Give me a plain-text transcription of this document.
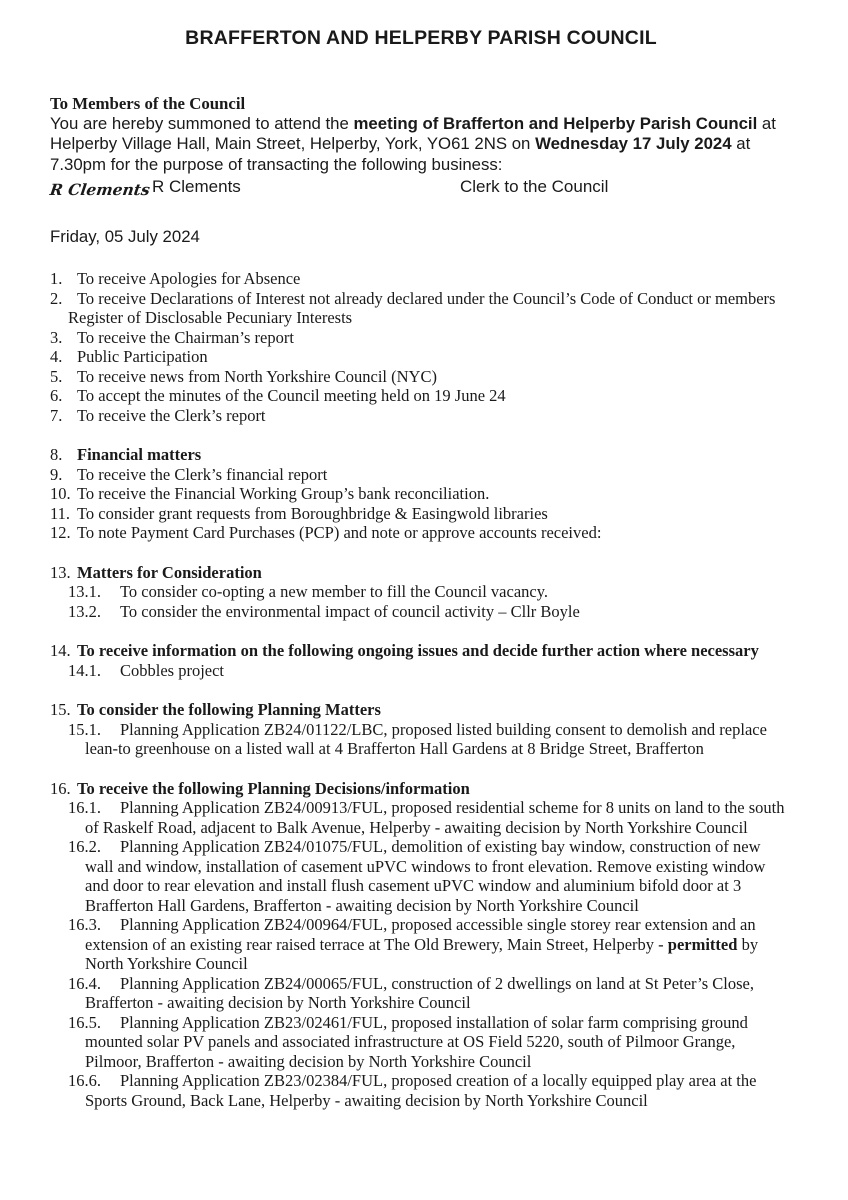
BRAFFERTON AND HELPERBY PARISH COUNCIL
To Members of the Council
You are hereby summoned to attend the meeting of Brafferton and Helperby Parish Council at Helperby Village Hall, Main Street, Helperby, York, YO61 2NS on Wednesday 17 July 2024 at 7.30pm for the purpose of transacting the following business:
R Clements R Clements	Clerk to the Council
Friday, 05 July 2024
1. To receive Apologies for Absence
2. To receive Declarations of Interest not already declared under the Council’s Code of Conduct or members Register of Disclosable Pecuniary Interests
3. To receive the Chairman’s report
4. Public Participation
5. To receive news from North Yorkshire Council (NYC)
6. To accept the minutes of the Council meeting held on 19 June 24
7. To receive the Clerk’s report
8. Financial matters
9. To receive the Clerk’s financial report
10. To receive the Financial Working Group’s bank reconciliation.
11. To consider grant requests from Boroughbridge & Easingwold libraries
12. To note Payment Card Purchases (PCP) and note or approve accounts received:
13. Matters for Consideration
13.1. To consider co-opting a new member to fill the Council vacancy.
13.2. To consider the environmental impact of council activity – Cllr Boyle
14. To receive information on the following ongoing issues and decide further action where necessary
14.1. Cobbles project
15. To consider the following Planning Matters
15.1. Planning Application ZB24/01122/LBC, proposed listed building consent to demolish and replace lean-to greenhouse on a listed wall at 4 Brafferton Hall Gardens at 8 Bridge Street, Brafferton
16. To receive the following Planning Decisions/information
16.1. Planning Application ZB24/00913/FUL, proposed residential scheme for 8 units on land to the south of Raskelf Road, adjacent to Balk Avenue, Helperby - awaiting decision by North Yorkshire Council
16.2. Planning Application ZB24/01075/FUL, demolition of existing bay window, construction of new wall and window, installation of casement uPVC windows to front elevation. Remove existing window and door to rear elevation and install flush casement uPVC window and aluminium bifold door at 3 Brafferton Hall Gardens, Brafferton - awaiting decision by North Yorkshire Council
16.3. Planning Application ZB24/00964/FUL, proposed accessible single storey rear extension and an extension of an existing rear raised terrace at The Old Brewery, Main Street, Helperby - permitted by North Yorkshire Council
16.4. Planning Application ZB24/00065/FUL, construction of 2 dwellings on land at St Peter’s Close, Brafferton - awaiting decision by North Yorkshire Council
16.5. Planning Application ZB23/02461/FUL, proposed installation of solar farm comprising ground mounted solar PV panels and associated infrastructure at OS Field 5220, south of Pilmoor Grange, Pilmoor, Brafferton - awaiting decision by North Yorkshire Council
16.6. Planning Application ZB23/02384/FUL, proposed creation of a locally equipped play area at the Sports Ground, Back Lane, Helperby - awaiting decision by North Yorkshire Council
